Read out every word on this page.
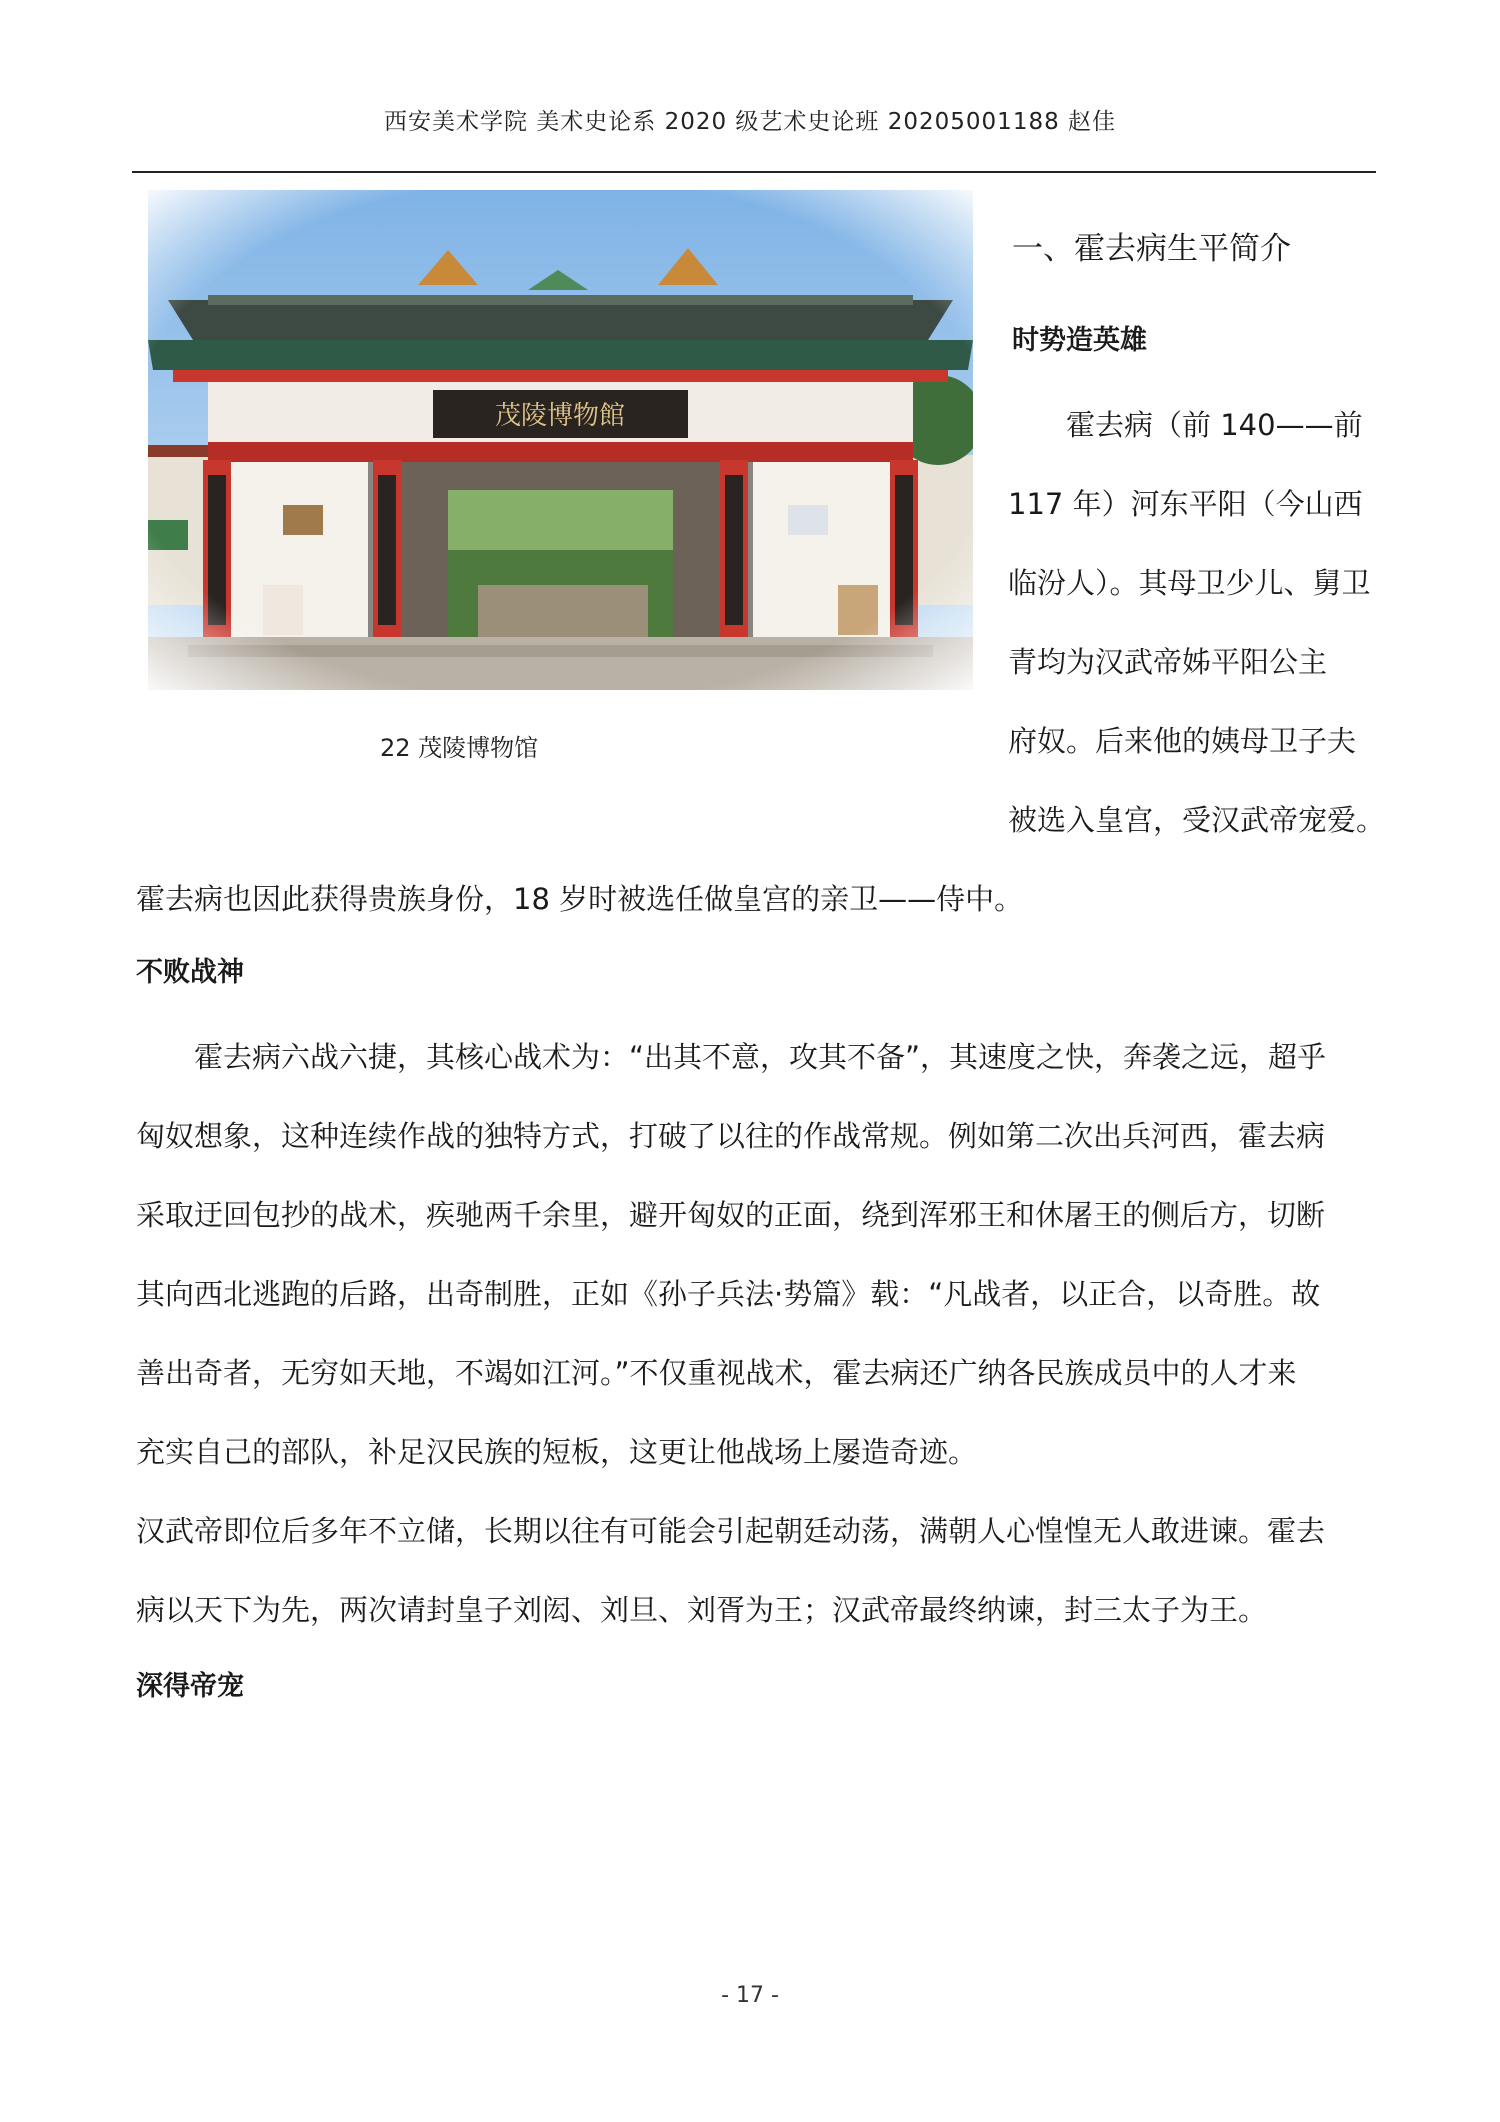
西安美术学院 美术史论系 2020 级艺术史论班 20205001188 赵佳
22 茂陵博物馆
一、霍去病生平简介
时势造英雄

　　霍去病（前 140——前
117 年）河东平阳（今山西
临汾人）。其母卫少儿、舅卫
青均为汉武帝姊平阳公主
府奴。后来他的姨母卫子夫
被选入皇宫，受汉武帝宠爱。

霍去病也因此获得贵族身份，18 岁时被选任做皇宫的亲卫——侍中。

不败战神

　　霍去病六战六捷，其核心战术为：“出其不意，攻其不备”，其速度之快，奔袭之远，超乎
匈奴想象，这种连续作战的独特方式，打破了以往的作战常规。例如第二次出兵河西，霍去病
采取迂回包抄的战术，疾驰两千余里，避开匈奴的正面，绕到浑邪王和休屠王的侧后方，切断
其向西北逃跑的后路，出奇制胜，正如《孙子兵法·势篇》载：“凡战者，以正合，以奇胜。故
善出奇者，无穷如天地，不竭如江河。”不仅重视战术，霍去病还广纳各民族成员中的人才来
充实自己的部队，补足汉民族的短板，这更让他战场上屡造奇迹。

汉武帝即位后多年不立储，长期以往有可能会引起朝廷动荡，满朝人心惶惶无人敢进谏。霍去
病以天下为先，两次请封皇子刘闳、刘旦、刘胥为王；汉武帝最终纳谏，封三太子为王。

深得帝宠
- 17 -
